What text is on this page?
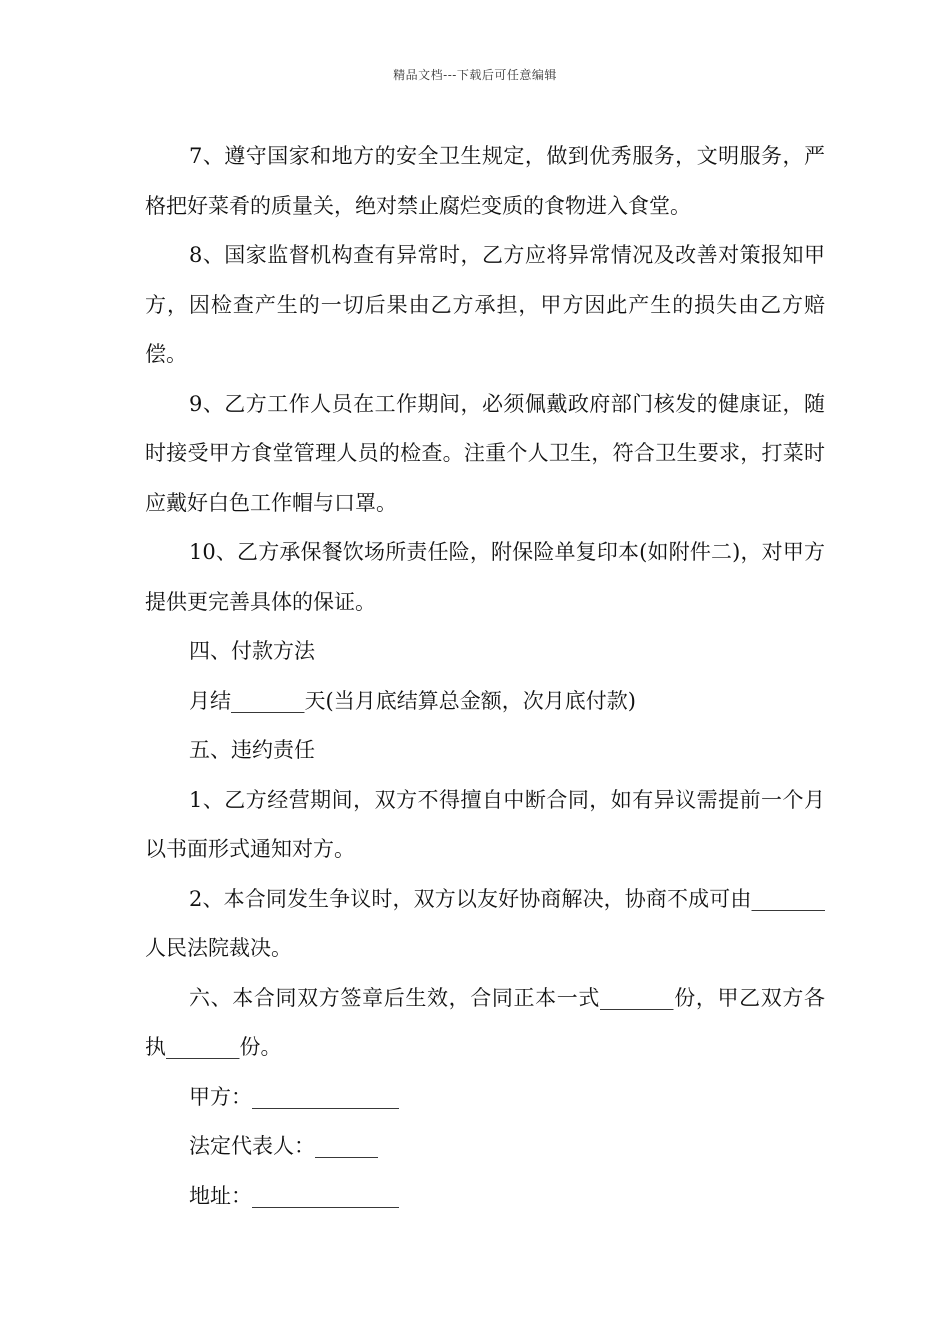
精品文档---下载后可任意编辑

7、遵守国家和地方的安全卫生规定，做到优秀服务，文明服务，严格把好菜肴的质量关，绝对禁止腐烂变质的食物进入食堂。

8、国家监督机构查有异常时，乙方应将异常情况及改善对策报知甲方，因检查产生的一切后果由乙方承担，甲方因此产生的损失由乙方赔偿。

9、乙方工作人员在工作期间，必须佩戴政府部门核发的健康证，随时接受甲方食堂管理人员的检查。注重个人卫生，符合卫生要求，打菜时应戴好白色工作帽与口罩。

10、乙方承保餐饮场所责任险，附保险单复印本(如附件二)，对甲方提供更完善具体的保证。

四、付款方法

月结_______天(当月底结算总金额，次月底付款)

五、违约责任

1、乙方经营期间，双方不得擅自中断合同，如有异议需提前一个月以书面形式通知对方。

2、本合同发生争议时，双方以友好协商解决，协商不成可由_______人民法院裁决。

六、本合同双方签章后生效，合同正本一式_______份，甲乙双方各执_______份。

甲方：______________
法定代表人：______
地址：______________
